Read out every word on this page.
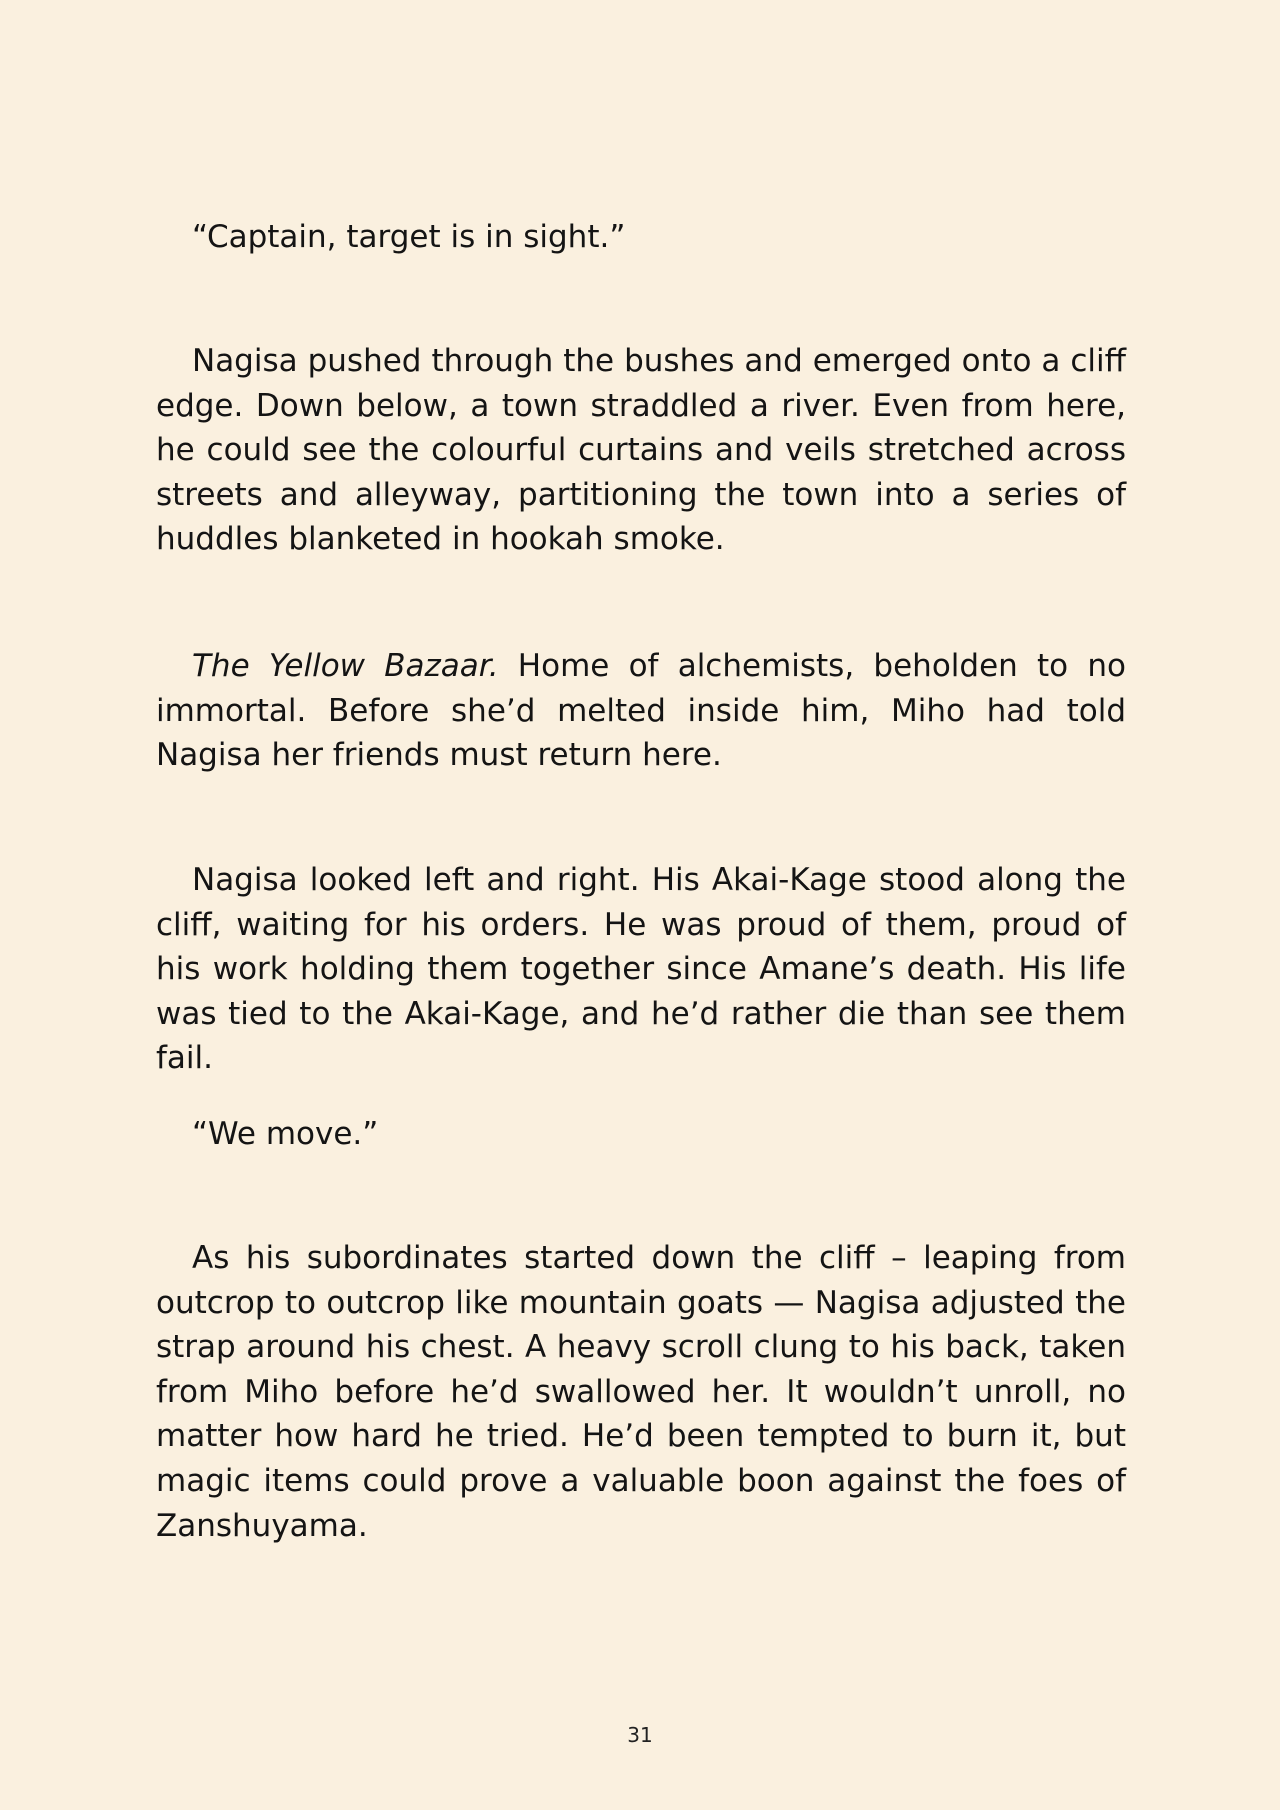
“Captain, target is in sight.”

Nagisa pushed through the bushes and emerged onto a cliff edge. Down below, a town straddled a river. Even from here, he could see the colourful curtains and veils stretched across streets and alleyway, partitioning the town into a series of huddles blanketed in hookah smoke.

The Yellow Bazaar. Home of alchemists, beholden to no immortal. Before she’d melted inside him, Miho had told Nagisa her friends must return here.

Nagisa looked left and right. His Akai-Kage stood along the cliff, waiting for his orders. He was proud of them, proud of his work holding them together since Amane’s death. His life was tied to the Akai-Kage, and he’d rather die than see them fail.

“We move.”

As his subordinates started down the cliff – leaping from outcrop to outcrop like mountain goats — Nagisa adjusted the strap around his chest. A heavy scroll clung to his back, taken from Miho before he’d swallowed her. It wouldn’t unroll, no matter how hard he tried. He’d been tempted to burn it, but magic items could prove a valuable boon against the foes of Zanshuyama.

31
